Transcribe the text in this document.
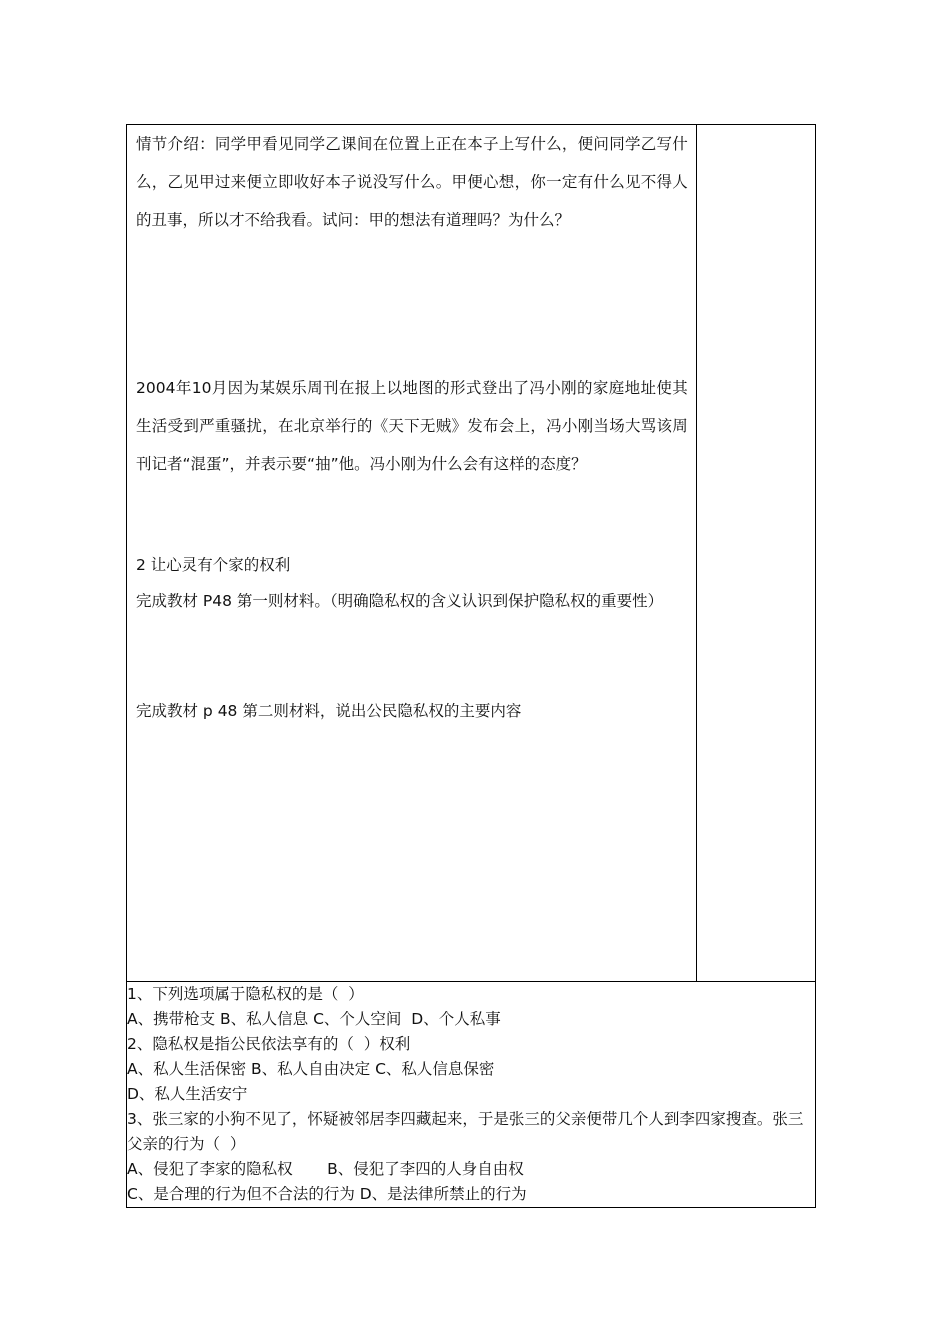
情节介绍：同学甲看见同学乙课间在位置上正在本子上写什么，便问同学乙写什么，乙见甲过来便立即收好本子说没写什么。甲便心想，你一定有什么见不得人的丑事，所以才不给我看。试问：甲的想法有道理吗？为什么？

2004年10月因为某娱乐周刊在报上以地图的形式登出了冯小刚的家庭地址使其生活受到严重骚扰，在北京举行的《天下无贼》发布会上，冯小刚当场大骂该周刊记者“混蛋”，并表示要“抽”他。冯小刚为什么会有这样的态度？

2 让心灵有个家的权利

完成教材 P48 第一则材料。（明确隐私权的含义认识到保护隐私权的重要性）

完成教材 p 48 第二则材料，说出公民隐私权的主要内容

1、下列选项属于隐私权的是（  ）

A、携带枪支 B、私人信息 C、个人空间  D、个人私事

2、隐私权是指公民依法享有的（  ）权利

A、私人生活保密 B、私人自由决定 C、私人信息保密

D、私人生活安宁

3、张三家的小狗不见了，怀疑被邻居李四藏起来，于是张三的父亲便带几个人到李四家搜查。张三父亲的行为（  ）

A、侵犯了李家的隐私权       B、侵犯了李四的人身自由权

C、是合理的行为但不合法的行为 D、是法律所禁止的行为
